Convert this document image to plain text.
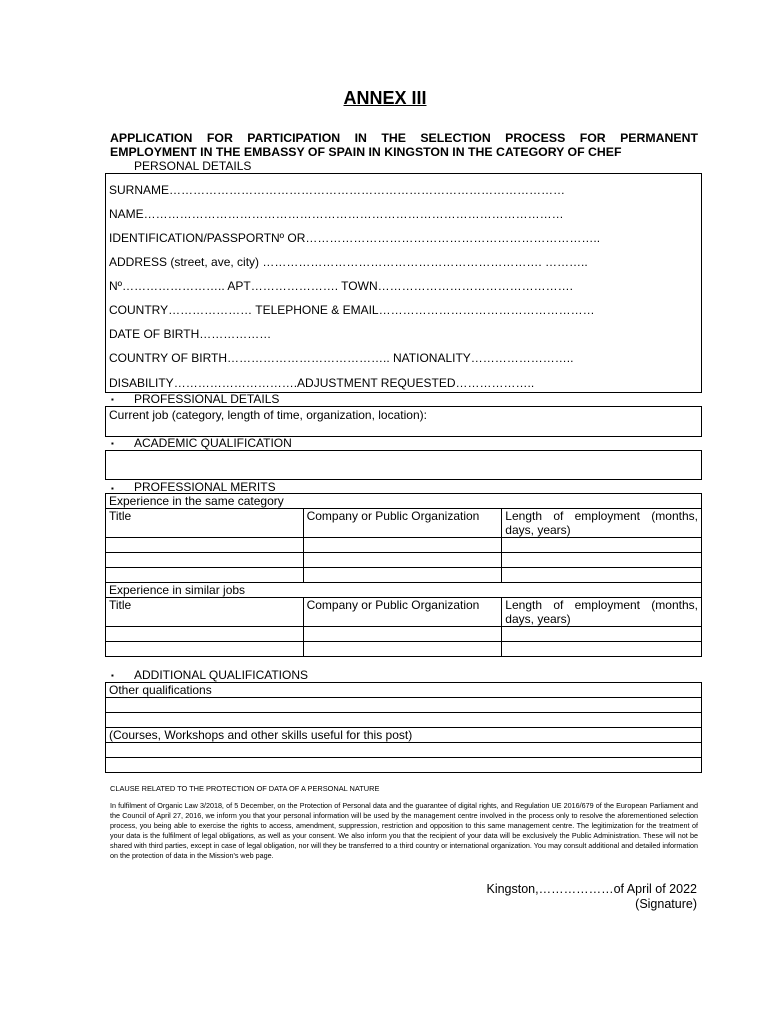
ANNEX III
APPLICATION FOR PARTICIPATION IN THE SELECTION PROCESS FOR PERMANENT EMPLOYMENT IN THE EMBASSY OF SPAIN IN KINGSTON IN THE CATEGORY OF CHEF
PERSONAL DETAILS
SURNAME………………………………………………………………………………………
NAME……………………………………………………………………………………………
IDENTIFICATION/PASSPORTNº OR………………………………………………………………..
ADDRESS (street, ave, city) ……………………………………………………………. ………..
Nº…………………….. APT…………………. TOWN………………………………………….
COUNTRY………………… TELEPHONE & EMAIL………………………………………………
DATE OF BIRTH………………
COUNTRY OF BIRTH………………………………….. NATIONALITY……………………..
DISABILITY………………………….ADJUSTMENT REQUESTED………………..
▪ PROFESSIONAL DETAILS
Current job (category, length of time, organization, location):
▪ ACADEMIC QUALIFICATION
▪ PROFESSIONAL MERITS
Experience in the same category		
Title	Company or Public Organization	Length of employment (months, days, years)

Experience in similar jobs		
Title	Company or Public Organization	Length of employment (months, days, years)

▪ ADDITIONAL QUALIFICATIONS
Other qualifications

(Courses, Workshops and other skills useful for this post)

CLAUSE RELATED TO THE PROTECTION OF DATA OF A PERSONAL NATURE
In fulfilment of Organic Law 3/2018, of 5 December, on the Protection of Personal data and the guarantee of digital rights, and Regulation UE 2016/679 of the European Parliament and the Council of April 27, 2016, we inform you that your personal information will be used by the management centre involved in the process only to resolve the aforementioned selection process, you being able to exercise the rights to access, amendment, suppression, restriction and opposition to this same management centre. The legitimization for the treatment of your data is the fulfilment of legal obligations, as well as your consent. We also inform you that the recipient of your data will be exclusively the Public Administration. These will not be shared with third parties, except in case of legal obligation, nor will they be transferred to a third country or international organization. You may consult additional and detailed information on the protection of data in the Mission's web page.
Kingston,………………of April of 2022
(Signature)
